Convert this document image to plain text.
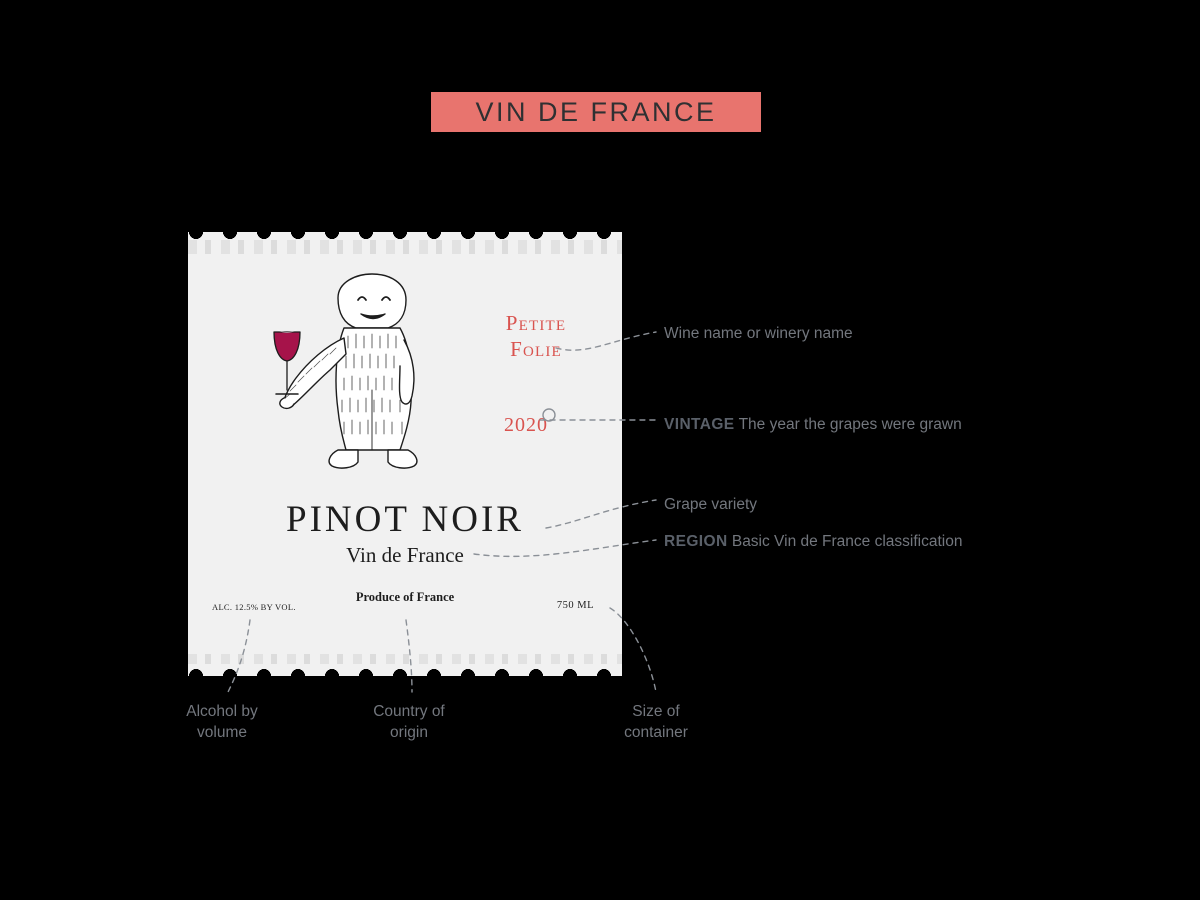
VIN DE FRANCE
Petite
Folie
2020
PINOT NOIR
Vin de France
Produce of France
ALC. 12.5% BY VOL.	750 ML
Wine name or winery name
VINTAGE The year the grapes were grawn
Grape variety
REGION Basic Vin de France classification
Alcohol by
volume
Country of
origin
Size of
container
